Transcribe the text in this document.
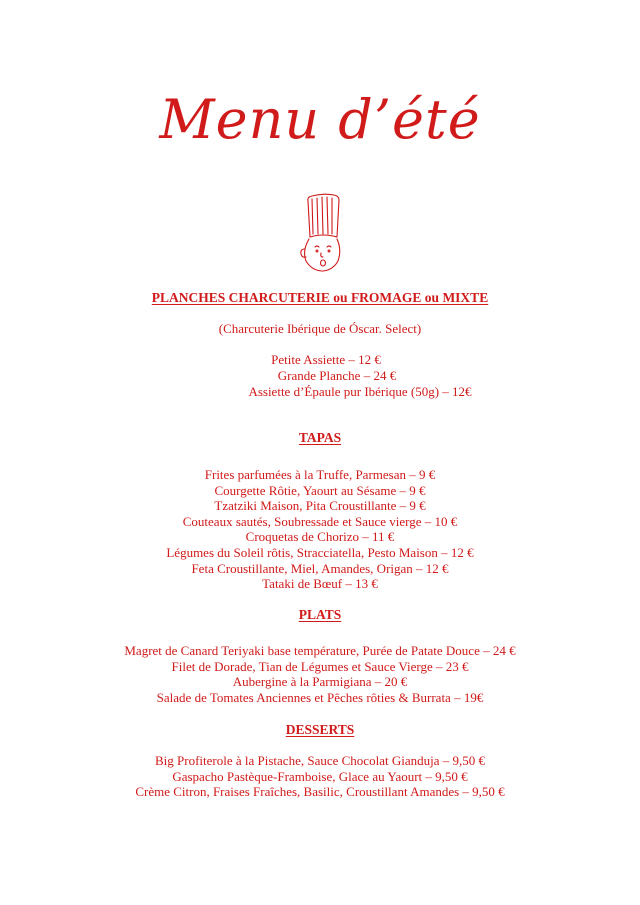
Menu d’été
PLANCHES CHARCUTERIE ou FROMAGE ou MIXTE
(Charcuterie Ibérique de Óscar. Select)
Petite Assiette – 12 €
Grande Planche – 24 €
Assiette d’Épaule pur Ibérique (50g) – 12€
TAPAS
Frites parfumées à la Truffe, Parmesan – 9 €
Courgette Rôtie, Yaourt au Sésame – 9 €
Tzatziki Maison, Pita Croustillante – 9 €
Couteaux sautés, Soubressade et Sauce vierge – 10 €
Croquetas de Chorizo – 11 €
Légumes du Soleil rôtis, Stracciatella, Pesto Maison – 12 €
Feta Croustillante, Miel, Amandes, Origan – 12 €
Tataki de Bœuf – 13 €
PLATS
Magret de Canard Teriyaki base température, Purée de Patate Douce – 24 €
Filet de Dorade, Tian de Légumes et Sauce Vierge – 23 €
Aubergine à la Parmigiana – 20 €
Salade de Tomates Anciennes et Pêches rôties & Burrata – 19€
DESSERTS
Big Profiterole à la Pistache, Sauce Chocolat Gianduja – 9,50 €
Gaspacho Pastèque-Framboise, Glace au Yaourt – 9,50 €
Crème Citron, Fraises Fraîches, Basilic, Croustillant Amandes – 9,50 €
